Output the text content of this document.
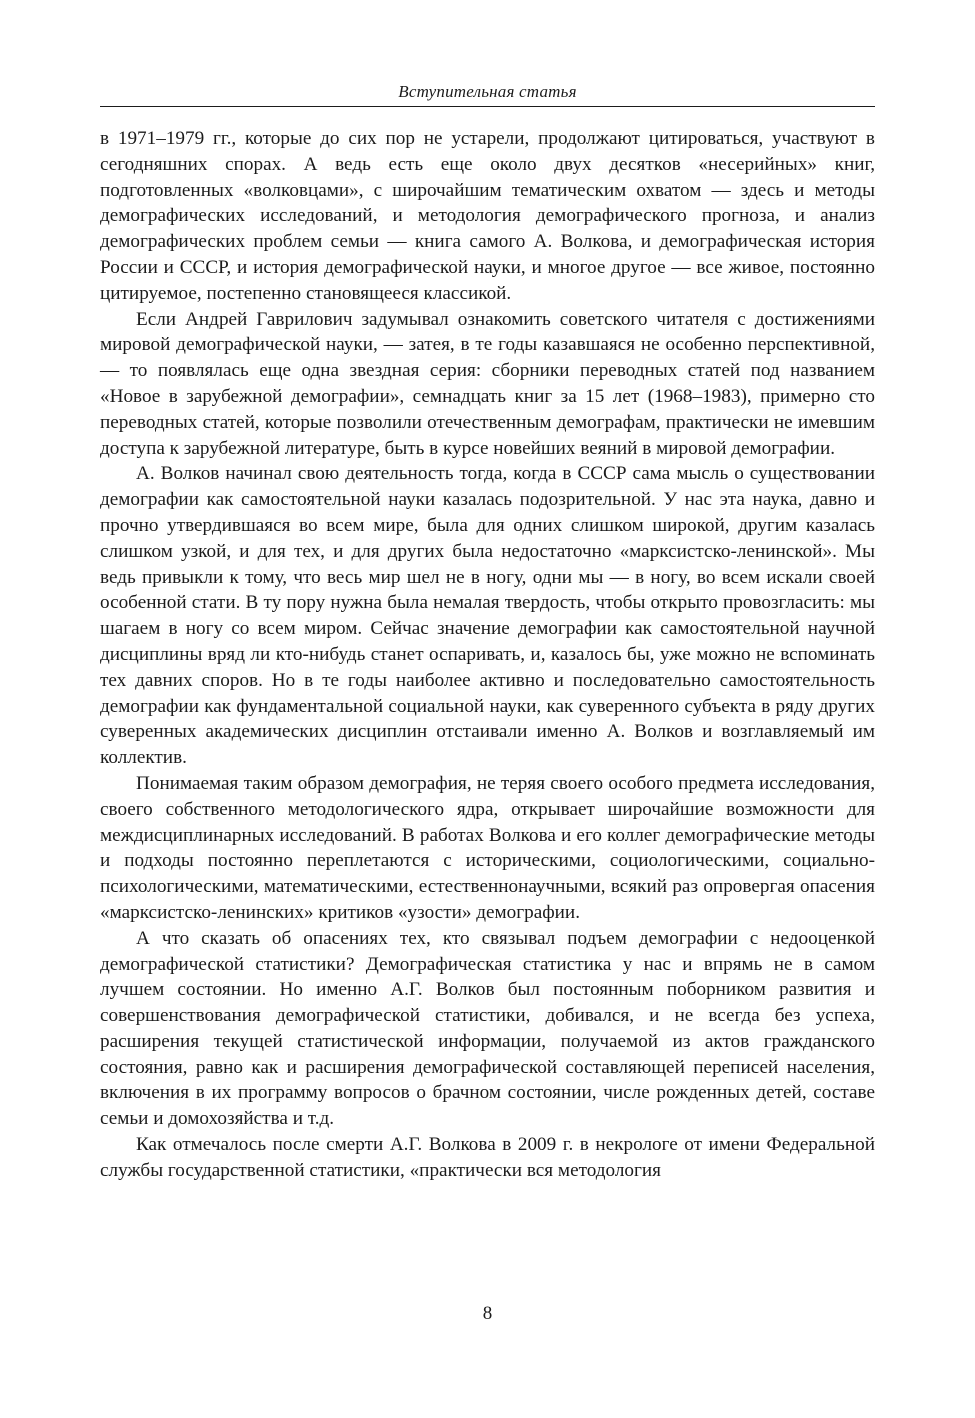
Вступительная статья

в 1971–1979 гг., которые до сих пор не устарели, продолжают цитироваться, участвуют в сегодняшних спорах. А ведь есть еще около двух десятков «несерийных» книг, подготовленных «волковцами», с широчайшим тематическим охватом — здесь и методы демографических исследований, и методология демографического прогноза, и анализ демографических проблем семьи — книга самого А. Волкова, и демографическая история России и СССР, и история демографической науки, и многое другое — все живое, постоянно цитируемое, постепенно становящееся классикой.

Если Андрей Гаврилович задумывал ознакомить советского читателя с достижениями мировой демографической науки, — затея, в те годы казавшаяся не особенно перспективной, — то появлялась еще одна звездная серия: сборники переводных статей под названием «Новое в зарубежной демографии», семнадцать книг за 15 лет (1968–1983), примерно сто переводных статей, которые позволили отечественным демографам, практически не имевшим доступа к зарубежной литературе, быть в курсе новейших веяний в мировой демографии.

А. Волков начинал свою деятельность тогда, когда в СССР сама мысль о существовании демографии как самостоятельной науки казалась подозрительной. У нас эта наука, давно и прочно утвердившаяся во всем мире, была для одних слишком широкой, другим казалась слишком узкой, и для тех, и для других была недостаточно «марксистско-ленинской». Мы ведь привыкли к тому, что весь мир шел не в ногу, одни мы — в ногу, во всем искали своей особенной стати. В ту пору нужна была немалая твердость, чтобы открыто провозгласить: мы шагаем в ногу со всем миром. Сейчас значение демографии как самостоятельной научной дисциплины вряд ли кто-нибудь станет оспаривать, и, казалось бы, уже можно не вспоминать тех давних споров. Но в те годы наиболее активно и последовательно самостоятельность демографии как фундаментальной социальной науки, как суверенного субъекта в ряду других суверенных академических дисциплин отстаивали именно А. Волков и возглавляемый им коллектив.

Понимаемая таким образом демография, не теряя своего особого предмета исследования, своего собственного методологического ядра, открывает широчайшие возможности для междисциплинарных исследований. В работах Волкова и его коллег демографические методы и подходы постоянно переплетаются с историческими, социологическими, социально-психологическими, математическими, естественнонаучными, всякий раз опровергая опасения «марксистско-ленинских» критиков «узости» демографии.

А что сказать об опасениях тех, кто связывал подъем демографии с недооценкой демографической статистики? Демографическая статистика у нас и впрямь не в самом лучшем состоянии. Но именно А.Г. Волков был постоянным поборником развития и совершенствования демографической статистики, добивался, и не всегда без успеха, расширения текущей статистической информации, получаемой из актов гражданского состояния, равно как и расширения демографической составляющей переписей населения, включения в их программу вопросов о брачном состоянии, числе рожденных детей, составе семьи и домохозяйства и т.д.

Как отмечалось после смерти А.Г. Волкова в 2009 г. в некрологе от имени Федеральной службы государственной статистики, «практически вся методология

8
